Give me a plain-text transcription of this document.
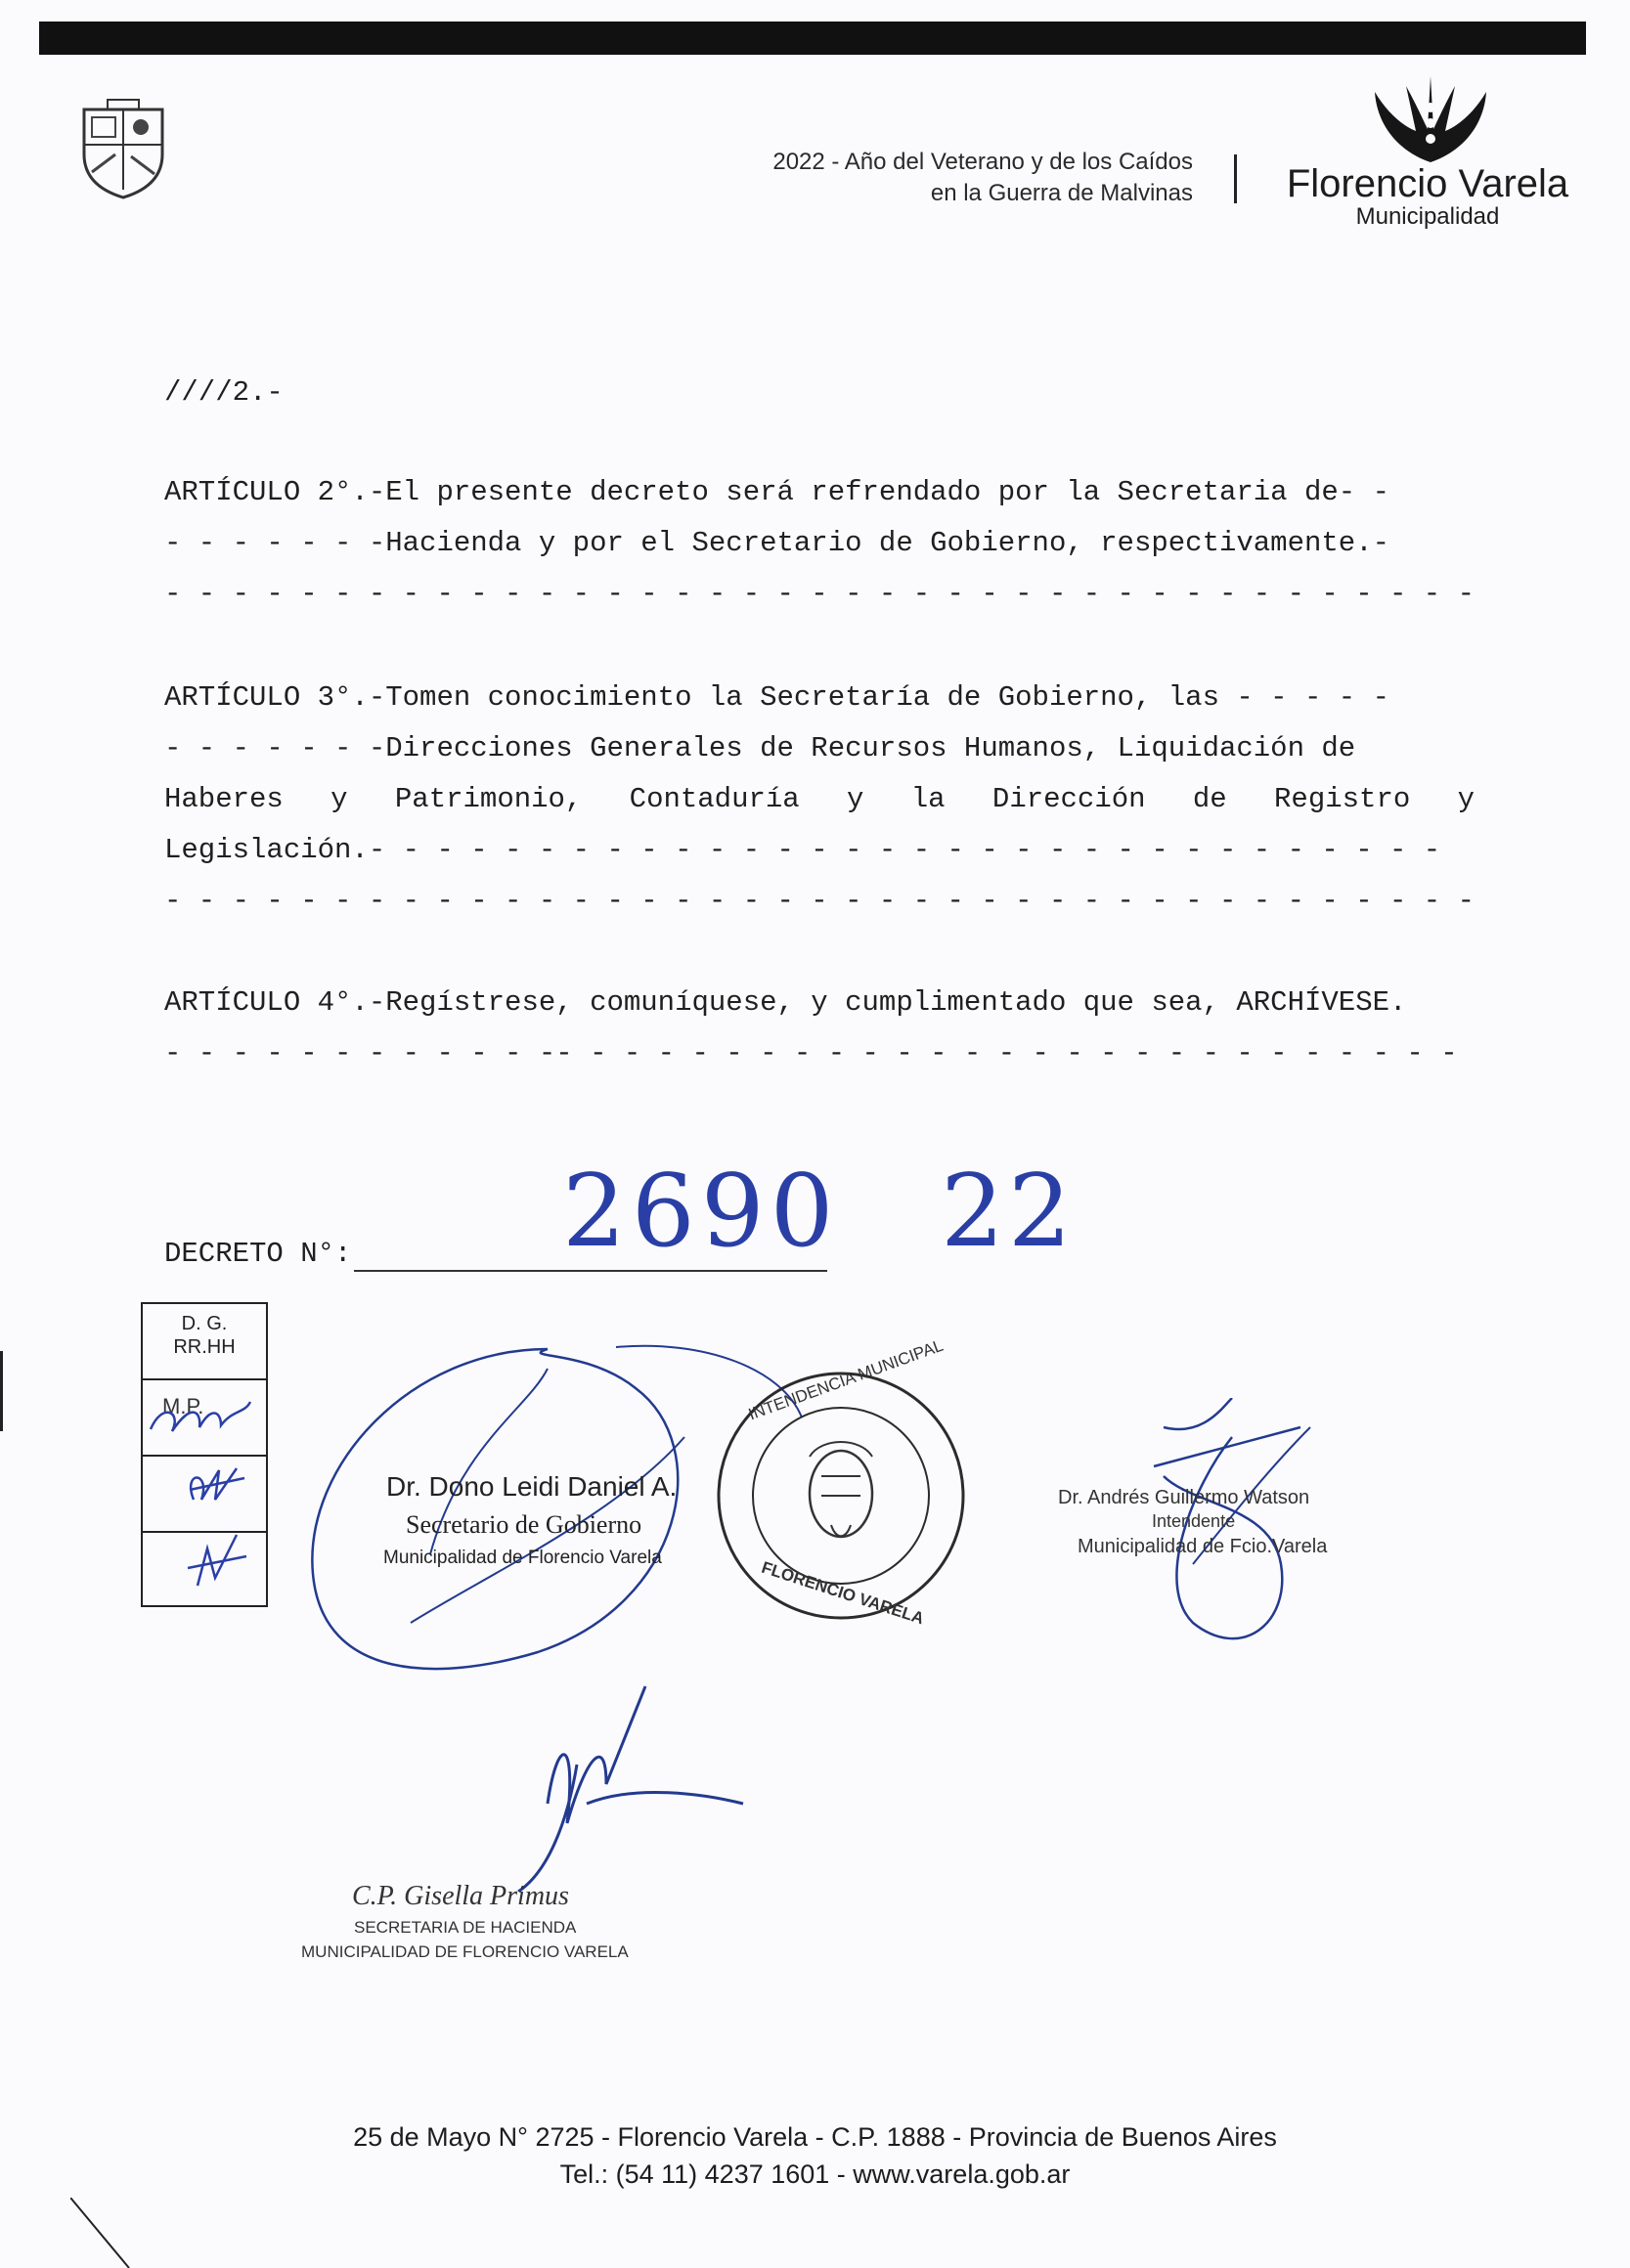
2022 - Año del Veterano y de los Caídos
en la Guerra de Malvinas Florencio Varela
Municipalidad
////2.-
ARTÍCULO 2°.-El presente decreto será refrendado por la Secretaria de- -
- - - - - - -Hacienda y por el Secretario de Gobierno, respectivamente.-
- - - - - - - - - - - - - - - - - - - - - - - - - - - - - - - - - - - - - - -
ARTÍCULO 3°.-Tomen conocimiento la Secretaría de Gobierno, las - - - - -
- - - - - - -Direcciones Generales de Recursos Humanos, Liquidación de
Haberes y Patrimonio, Contaduría y la Dirección de Registro y
Legislación.- - - - - - - - - - - - - - - - - - - - - - - - - - - - - - - -
- - - - - - - - - - - - - - - - - - - - - - - - - - - - - - - - - - - - - - -
ARTÍCULO 4°.-Regístrese, comuníquese, y cumplimentado que sea, ARCHÍVESE.
- - - - - - - - - - - -- - - - - - - - - - - - - - - - - - - - - - - - - - -
DECRETO N°: 2690 22
D. G.
RR.HH
M.P.	INTENDENCIA MUNICIPAL
FLORENCIO VARELA
Dr. Dono Leidi Daniel A.
Secretario de Gobierno
Municipalidad de Florencio Varela
Dr. Andrés Guillermo Watson
Intendente
Municipalidad de Fcio.Varela
C.P. Gisella Primus
SECRETARIA DE HACIENDA
MUNICIPALIDAD DE FLORENCIO VARELA
25 de Mayo N° 2725 - Florencio Varela - C.P. 1888 - Provincia de Buenos Aires
Tel.: (54 11) 4237 1601 - www.varela.gob.ar
